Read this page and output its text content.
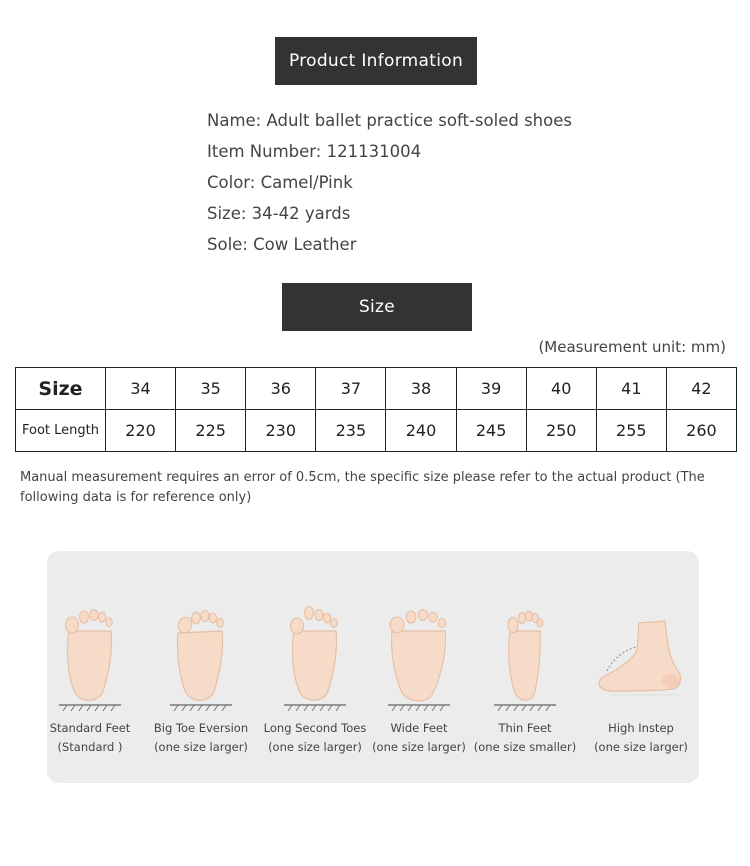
Product Information
Name: Adult ballet practice soft-soled shoes
Item Number: 121131004
Color: Camel/Pink
Size: 34-42 yards
Sole: Cow Leather
Size
(Measurement unit: mm)
Size	34	35	36	37	38	39	40	41	42
Foot Length	220	225	230	235	240	245	250	255	260

Manual measurement requires an error of 0.5cm, the specific size please refer to the actual product (The following data is for reference only)

Standard Feet
(Standard )
Big Toe Eversion
(one size larger)
Long Second Toes
(one size larger)
Wide Feet
(one size larger)
Thin Feet
(one size smaller)
High Instep
(one size larger)
